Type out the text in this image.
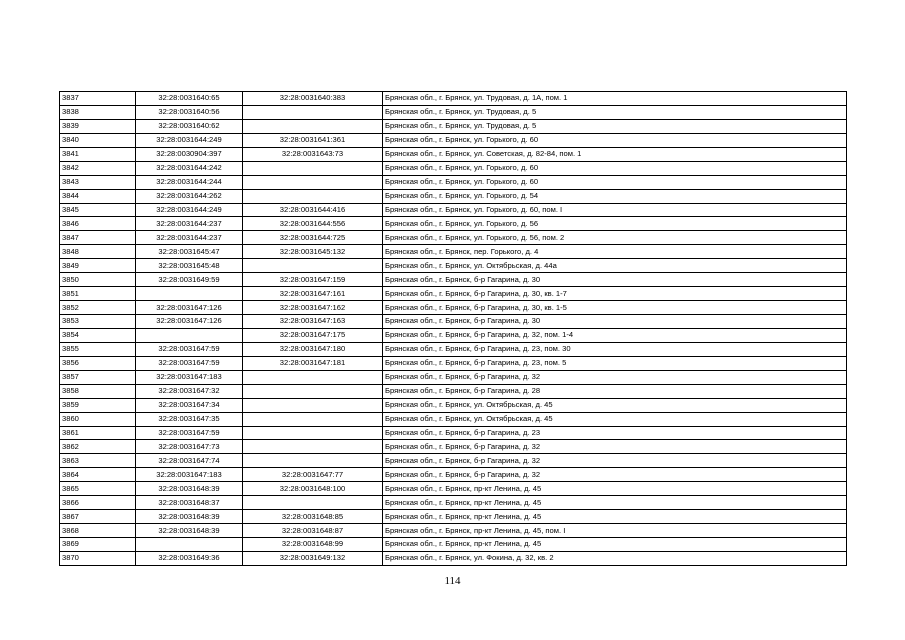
3837	32:28:0031640:65	32:28:0031640:383	Брянская обл., г. Брянск, ул. Трудовая, д. 1А, пом. 1
3838	32:28:0031640:56		Брянская обл., г. Брянск, ул. Трудовая, д. 5
3839	32:28:0031640:62		Брянская обл., г. Брянск, ул. Трудовая, д. 5
3840	32:28:0031644:249	32:28:0031641:361	Брянская обл., г. Брянск, ул. Горького, д. 60
3841	32:28:0030904:397	32:28:0031643:73	Брянская обл., г. Брянск, ул. Советская, д. 82-84, пом. 1
3842	32:28:0031644:242		Брянская обл., г. Брянск, ул. Горького, д. 60
3843	32:28:0031644:244		Брянская обл., г. Брянск, ул. Горького, д. 60
3844	32:28:0031644:262		Брянская обл., г. Брянск, ул. Горького, д. 54
3845	32:28:0031644:249	32:28:0031644:416	Брянская обл., г. Брянск, ул. Горького, д. 60, пом. I
3846	32:28:0031644:237	32:28:0031644:556	Брянская обл., г. Брянск, ул. Горького, д. 56
3847	32:28:0031644:237	32:28:0031644:725	Брянская обл., г. Брянск, ул. Горького, д. 56, пом. 2
3848	32:28:0031645:47	32:28:0031645:132	Брянская обл., г. Брянск, пер. Горького, д. 4
3849	32:28:0031645:48		Брянская обл., г. Брянск, ул. Октябрьская, д. 44а
3850	32:28:0031649:59	32:28:0031647:159	Брянская обл., г. Брянск, б-р Гагарина, д. 30
3851		32:28:0031647:161	Брянская обл., г. Брянск, б-р Гагарина, д. 30, кв. 1-7
3852	32:28:0031647:126	32:28:0031647:162	Брянская обл., г. Брянск, б-р Гагарина, д. 30, кв. 1-5
3853	32:28:0031647:126	32:28:0031647:163	Брянская обл., г. Брянск, б-р Гагарина, д. 30
3854		32:28:0031647:175	Брянская обл., г. Брянск, б-р Гагарина, д. 32, пом. 1-4
3855	32:28:0031647:59	32:28:0031647:180	Брянская обл., г. Брянск, б-р Гагарина, д. 23, пом. 30
3856	32:28:0031647:59	32:28:0031647:181	Брянская обл., г. Брянск, б-р Гагарина, д. 23, пом. 5
3857	32:28:0031647:183		Брянская обл., г. Брянск, б-р Гагарина, д. 32
3858	32:28:0031647:32		Брянская обл., г. Брянск, б-р Гагарина, д. 28
3859	32:28:0031647:34		Брянская обл., г. Брянск, ул. Октябрьская, д. 45
3860	32:28:0031647:35		Брянская обл., г. Брянск, ул. Октябрьская, д. 45
3861	32:28:0031647:59		Брянская обл., г. Брянск, б-р Гагарина, д. 23
3862	32:28:0031647:73		Брянская обл., г. Брянск, б-р Гагарина, д. 32
3863	32:28:0031647:74		Брянская обл., г. Брянск, б-р Гагарина, д. 32
3864	32:28:0031647:183	32:28:0031647:77	Брянская обл., г. Брянск, б-р Гагарина, д. 32
3865	32:28:0031648:39	32:28:0031648:100	Брянская обл., г. Брянск, пр-кт Ленина, д. 45
3866	32:28:0031648:37		Брянская обл., г. Брянск, пр-кт Ленина, д. 45
3867	32:28:0031648:39	32:28:0031648:85	Брянская обл., г. Брянск, пр-кт Ленина, д. 45
3868	32:28:0031648:39	32:28:0031648:87	Брянская обл., г. Брянск, пр-кт Ленина, д. 45, пом. I
3869		32:28:0031648:99	Брянская обл., г. Брянск, пр-кт Ленина, д. 45
3870	32:28:0031649:36	32:28:0031649:132	Брянская обл., г. Брянск, ул. Фокина, д. 32, кв. 2
114
